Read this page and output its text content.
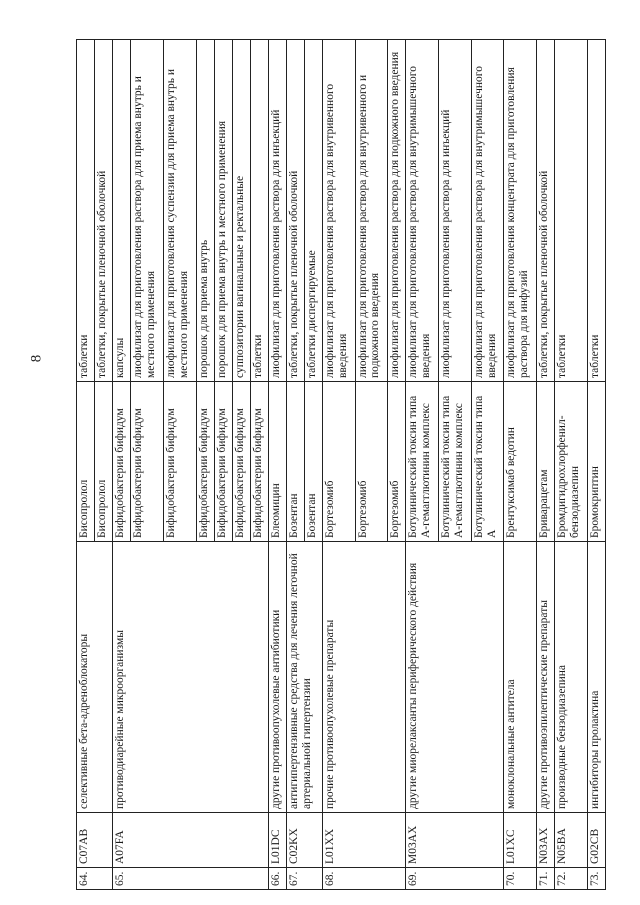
8
64.	C07AB	селективные бета-адреноблокаторы	Бисопролол	таблетки

			Бисопролол	таблетки, покрытые пленочной оболочкой

65.	A07FA	противодиарейные микроорганизмы	Бифидобактерии бифидум	капсулы

			Бифидобактерии бифидум	лиофилизат для приготовления раствора для приема внутрь и местного применения

			Бифидобактерии бифидум	лиофилизат для приготовления суспензии для приема внутрь и местного применения

			Бифидобактерии бифидум	порошок для приема внутрь

			Бифидобактерии бифидум	порошок для приема внутрь и местного применения

			Бифидобактерии бифидум	суппозитории вагинальные и ректальные

			Бифидобактерии бифидум	таблетки

66.	L01DC	другие противоопухолевые антибиотики	Блеомицин	лиофилизат для приготовления раствора для инъекций

67.	C02KX	антигипертензивные средства для лечения легочной артериальной гипертензии	Бозентан	таблетки, покрытые пленочной оболочкой

			Бозентан	таблетки диспергируемые

68.	L01XX	прочие противоопухолевые препараты	Бортезомиб	лиофилизат для приготовления раствора для внутривенного введения

			Бортезомиб	лиофилизат для приготовления раствора для внутривенного и подкожного введения

			Бортезомиб	лиофилизат для приготовления раствора для подкожного введения

69.	M03AX	другие миорелаксанты периферического действия	Ботулинический токсин типа А-гемагглютинин комплекс	лиофилизат для приготовления раствора для внутримышечного введения

			Ботулинический токсин типа А-гемагглютинин комплекс	лиофилизат для приготовления раствора для инъекций

			Ботулинический токсин типа А	лиофилизат для приготовления раствора для внутримышечного введения

70.	L01XC	моноклональные антитела	Брентуксимаб ведотин	лиофилизат для приготовления концентрата для приготовления раствора для инфузий

71.	N03AX	другие противоэпилептические препараты	Бриварацетам	таблетки, покрытые пленочной оболочкой

72.	N05BA	производные бензодиазепина	Бромдигидрохлорфенил-бензодиазепин	таблетки

73.	G02CB	ингибиторы пролактина	Бромокриптин	таблетки
